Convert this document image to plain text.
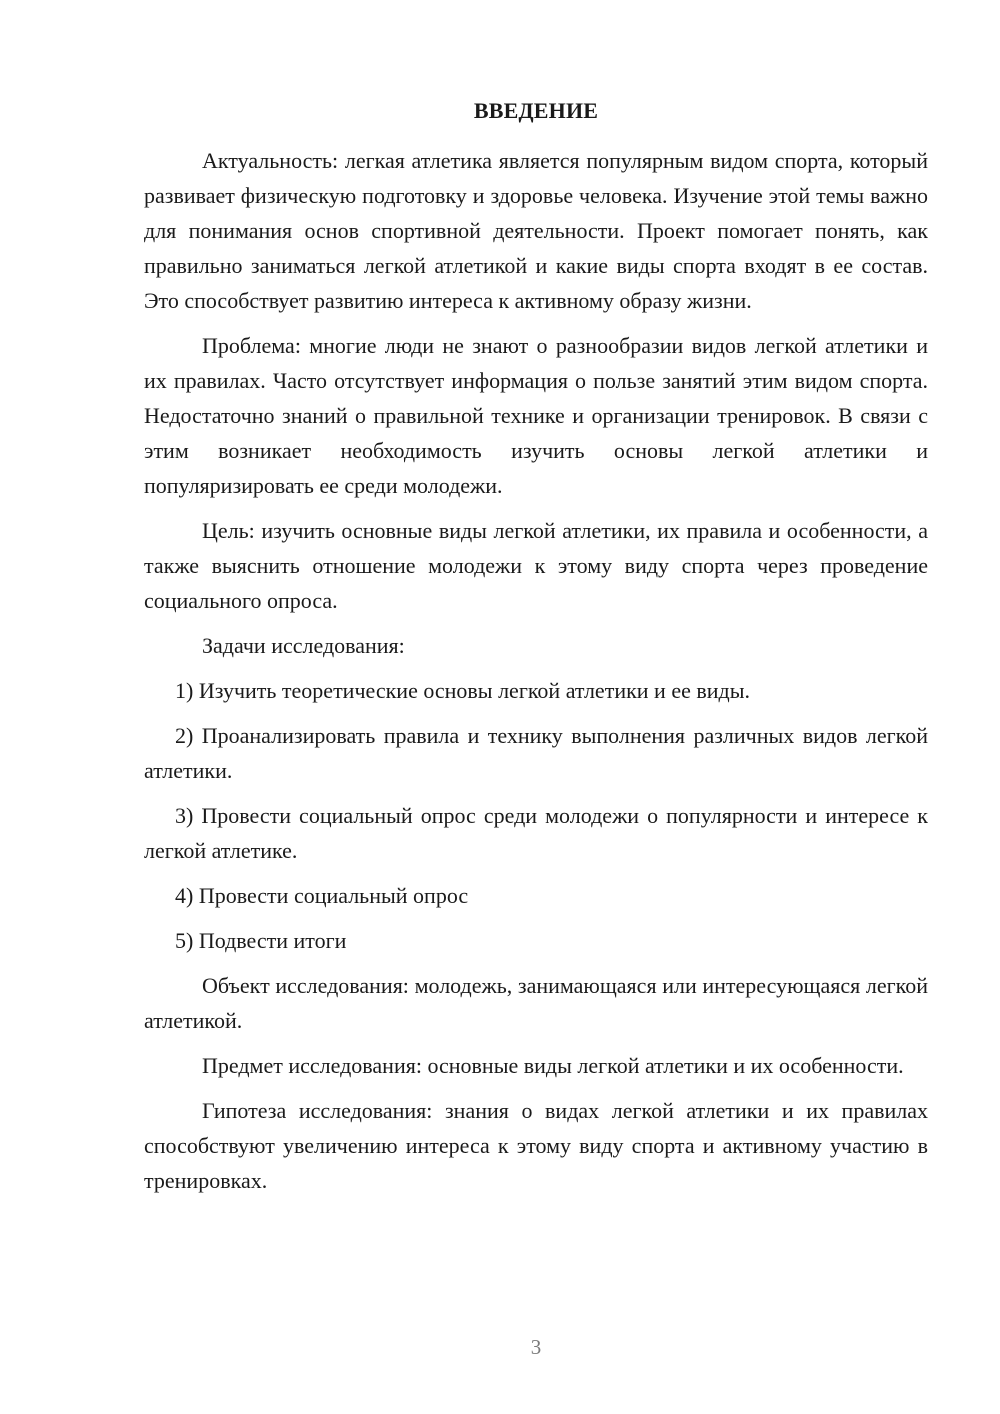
ВВЕДЕНИЕ

Актуальность: легкая атлетика является популярным видом спорта, который развивает физическую подготовку и здоровье человека. Изучение этой темы важно для понимания основ спортивной деятельности. Проект помогает понять, как правильно заниматься легкой атлетикой и какие виды спорта входят в ее состав. Это способствует развитию интереса к активному образу жизни.

Проблема: многие люди не знают о разнообразии видов легкой атлетики и их правилах. Часто отсутствует информация о пользе занятий этим видом спорта. Недостаточно знаний о правильной технике и организации тренировок. В связи с этим возникает необходимость изучить основы легкой атлетики и популяризировать ее среди молодежи.

Цель: изучить основные виды легкой атлетики, их правила и особенности, а также выяснить отношение молодежи к этому виду спорта через проведение социального опроса.

Задачи исследования:

1) Изучить теоретические основы легкой атлетики и ее виды.

2) Проанализировать правила и технику выполнения различных видов легкой атлетики.

3) Провести социальный опрос среди молодежи о популярности и интересе к легкой атлетике.

4) Провести социальный опрос

5) Подвести итоги

Объект исследования: молодежь, занимающаяся или интересующаяся легкой атлетикой.

Предмет исследования: основные виды легкой атлетики и их особенности.

Гипотеза исследования: знания о видах легкой атлетики и их правилах способствуют увеличению интереса к этому виду спорта и активному участию в тренировках.

3
